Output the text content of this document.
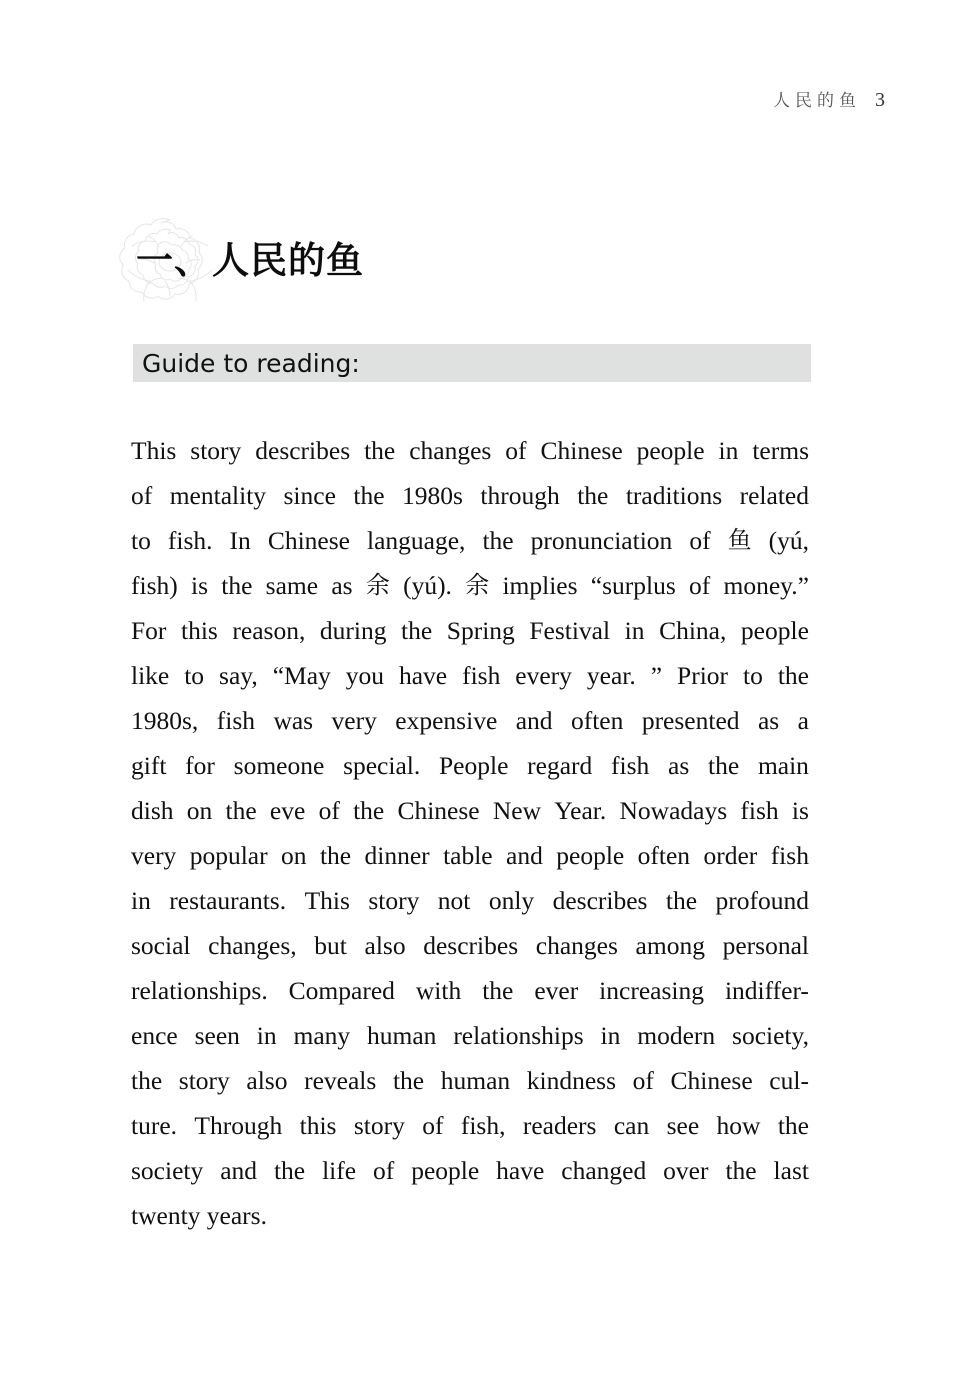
人民的鱼 3
一、人民的鱼
Guide to reading:
This story describes the changes of Chinese people in terms
of mentality since the 1980s through the traditions related
to fish. In Chinese language, the pronunciation of 鱼 (yú,
fish) is the same as 余 (yú). 余 implies “surplus of money.”
For this reason, during the Spring Festival in China, people
like to say, “May you have fish every year. ” Prior to the
1980s, fish was very expensive and often presented as a
gift for someone special. People regard fish as the main
dish on the eve of the Chinese New Year. Nowadays fish is
very popular on the dinner table and people often order fish
in restaurants. This story not only describes the profound
social changes, but also describes changes among personal
relationships. Compared with the ever increasing indiffer-
ence seen in many human relationships in modern society,
the story also reveals the human kindness of Chinese cul-
ture. Through this story of fish, readers can see how the
society and the life of people have changed over the last
twenty years.
